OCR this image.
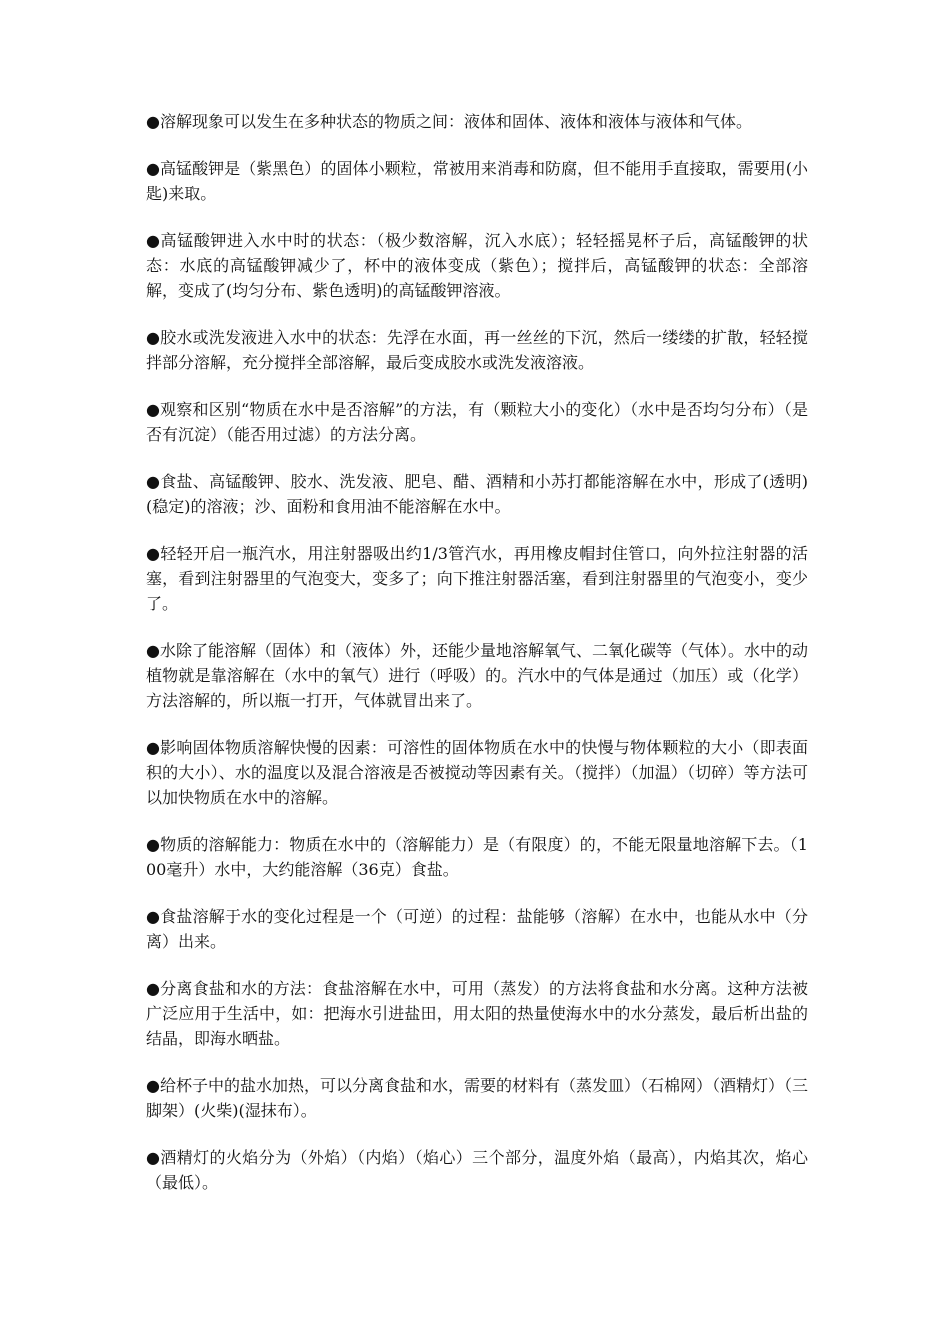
●溶解现象可以发生在多种状态的物质之间：液体和固体、液体和液体与液体和气体。

●高锰酸钾是（紫黑色）的固体小颗粒，常被用来消毒和防腐，但不能用手直接取，需要用(小匙)来取。

●高锰酸钾进入水中时的状态：（极少数溶解，沉入水底）；轻轻摇晃杯子后，高锰酸钾的状态：水底的高锰酸钾减少了，杯中的液体变成（紫色）；搅拌后，高锰酸钾的状态：全部溶解，变成了(均匀分布、紫色透明)的高锰酸钾溶液。

●胶水或洗发液进入水中的状态：先浮在水面，再一丝丝的下沉，然后一缕缕的扩散，轻轻搅拌部分溶解，充分搅拌全部溶解，最后变成胶水或洗发液溶液。

●观察和区别“物质在水中是否溶解”的方法，有（颗粒大小的变化）（水中是否均匀分布）（是否有沉淀）（能否用过滤）的方法分离。

●食盐、高锰酸钾、胶水、洗发液、肥皂、醋、酒精和小苏打都能溶解在水中，形成了(透明)(稳定)的溶液；沙、面粉和食用油不能溶解在水中。

●轻轻开启一瓶汽水，用注射器吸出约1/3管汽水，再用橡皮帽封住管口，向外拉注射器的活塞，看到注射器里的气泡变大，变多了；向下推注射器活塞，看到注射器里的气泡变小，变少了。

●水除了能溶解（固体）和（液体）外，还能少量地溶解氧气、二氧化碳等（气体）。水中的动植物就是靠溶解在（水中的氧气）进行（呼吸）的。汽水中的气体是通过（加压）或（化学）方法溶解的，所以瓶一打开，气体就冒出来了。

●影响固体物质溶解快慢的因素：可溶性的固体物质在水中的快慢与物体颗粒的大小（即表面积的大小）、水的温度以及混合溶液是否被搅动等因素有关。（搅拌）（加温）（切碎）等方法可以加快物质在水中的溶解。

●物质的溶解能力：物质在水中的（溶解能力）是（有限度）的，不能无限量地溶解下去。（100毫升）水中，大约能溶解（36克）食盐。

●食盐溶解于水的变化过程是一个（可逆）的过程：盐能够（溶解）在水中，也能从水中（分离）出来。

●分离食盐和水的方法：食盐溶解在水中，可用（蒸发）的方法将食盐和水分离。这种方法被广泛应用于生活中，如：把海水引进盐田，用太阳的热量使海水中的水分蒸发，最后析出盐的结晶，即海水晒盐。

●给杯子中的盐水加热，可以分离食盐和水，需要的材料有（蒸发皿）（石棉网）（酒精灯）（三脚架）(火柴)(湿抹布）。

●酒精灯的火焰分为（外焰）（内焰）（焰心）三个部分，温度外焰（最高），内焰其次，焰心（最低）。
